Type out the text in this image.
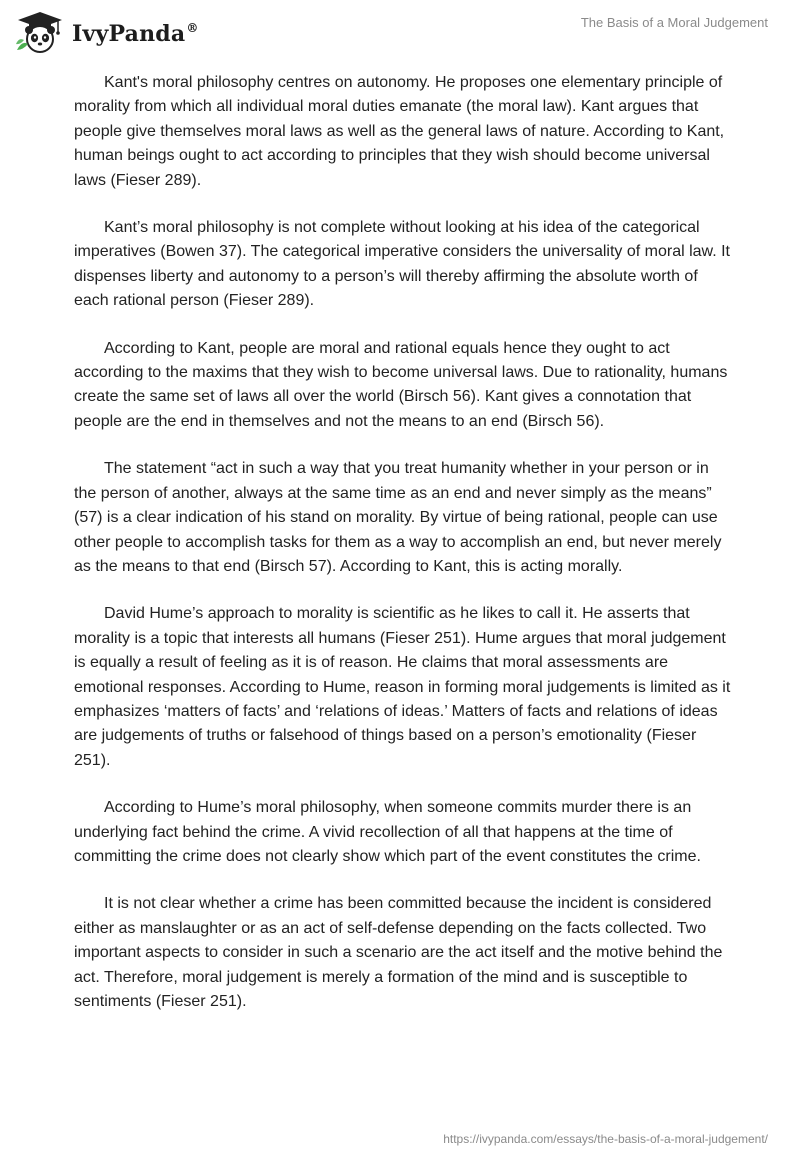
IvyPanda®	The Basis of a Moral Judgement

Kant's moral philosophy centres on autonomy. He proposes one elementary principle of morality from which all individual moral duties emanate (the moral law). Kant argues that people give themselves moral laws as well as the general laws of nature. According to Kant, human beings ought to act according to principles that they wish should become universal laws (Fieser 289).

Kant’s moral philosophy is not complete without looking at his idea of the categorical imperatives (Bowen 37). The categorical imperative considers the universality of moral law. It dispenses liberty and autonomy to a person’s will thereby affirming the absolute worth of each rational person (Fieser 289).

According to Kant, people are moral and rational equals hence they ought to act according to the maxims that they wish to become universal laws. Due to rationality, humans create the same set of laws all over the world (Birsch 56). Kant gives a connotation that people are the end in themselves and not the means to an end (Birsch 56).

The statement “act in such a way that you treat humanity whether in your person or in the person of another, always at the same time as an end and never simply as the means” (57) is a clear indication of his stand on morality. By virtue of being rational, people can use other people to accomplish tasks for them as a way to accomplish an end, but never merely as the means to that end (Birsch 57). According to Kant, this is acting morally.

David Hume’s approach to morality is scientific as he likes to call it. He asserts that morality is a topic that interests all humans (Fieser 251). Hume argues that moral judgement is equally a result of feeling as it is of reason. He claims that moral assessments are emotional responses. According to Hume, reason in forming moral judgements is limited as it emphasizes ‘matters of facts’ and ‘relations of ideas.’ Matters of facts and relations of ideas are judgements of truths or falsehood of things based on a person’s emotionality (Fieser 251).

According to Hume’s moral philosophy, when someone commits murder there is an underlying fact behind the crime. A vivid recollection of all that happens at the time of committing the crime does not clearly show which part of the event constitutes the crime.

It is not clear whether a crime has been committed because the incident is considered either as manslaughter or as an act of self-defense depending on the facts collected. Two important aspects to consider in such a scenario are the act itself and the motive behind the act. Therefore, moral judgement is merely a formation of the mind and is susceptible to sentiments (Fieser 251).

https://ivypanda.com/essays/the-basis-of-a-moral-judgement/
